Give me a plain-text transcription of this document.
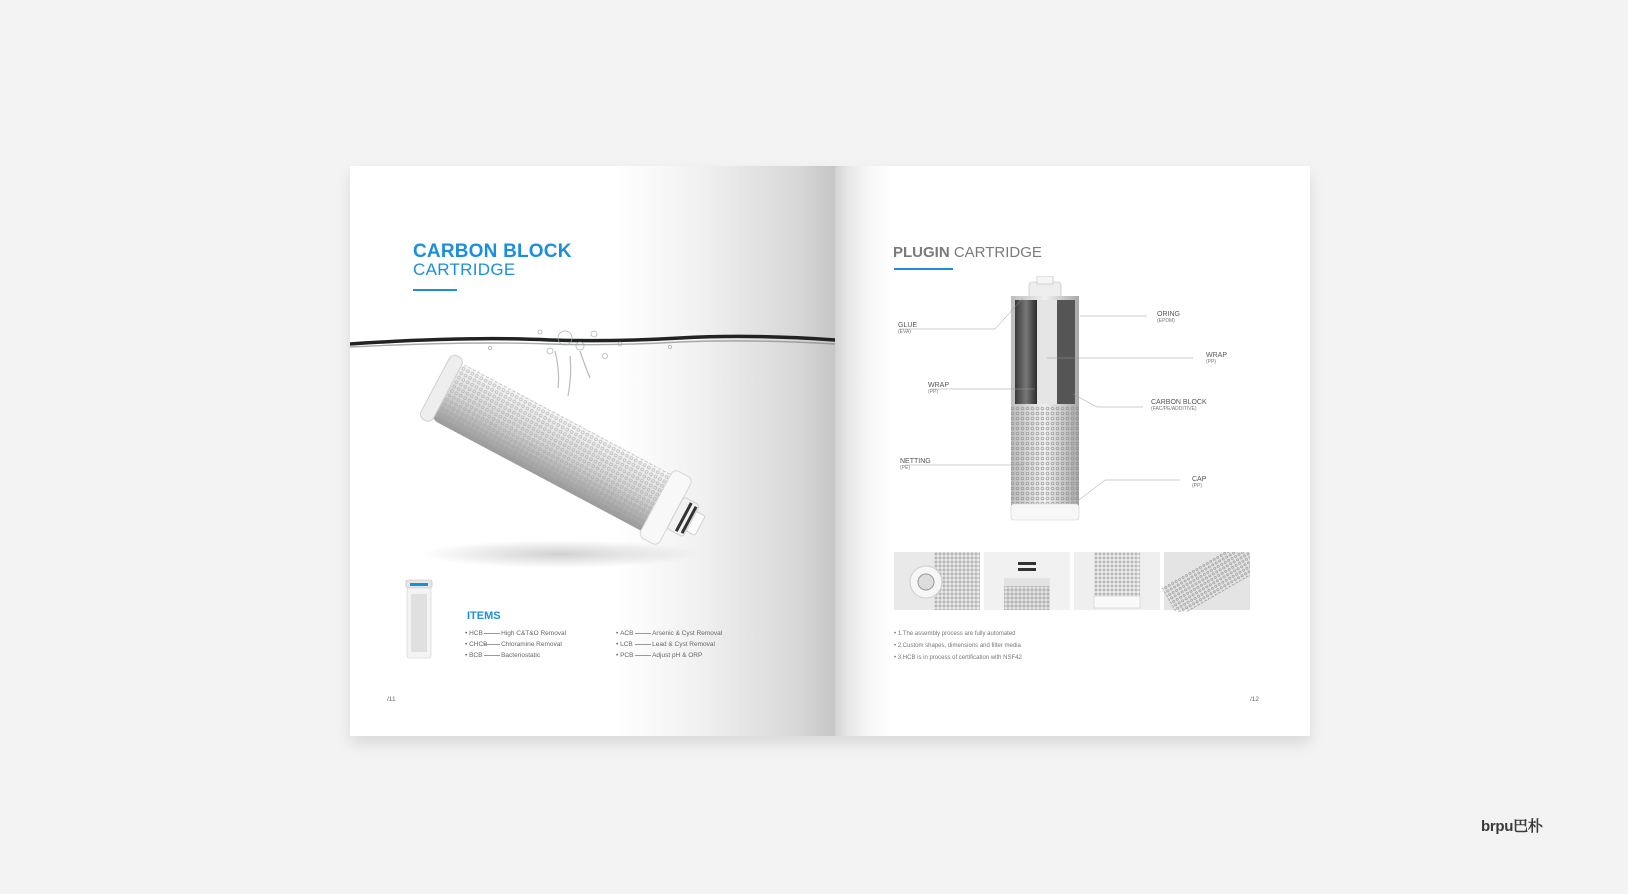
CARBON BLOCK
CARTRIDGE
ITEMS
• HCB	High C&T&O Removal
• CHCB Chloramine Removal
• BCB	Bacteriostatic
• ACB	Arsenic & Cyst Removal
• LCB	Lead & Cyst Removal
• PCB	Adjust pH & ORP
/11
PLUGIN CARTRIDGE
GLUE
(EVA)
WRAP
(PP)
NETTING
(PE)
ORING
(EPDM)
WRAP
(PP)
CARBON BLOCK
(FAC/PE/ADDITIVE)
CAP
(PP)
• 1.The assembly process are fully automated
• 2.Custom shapes, dimensions and filter media
• 3.HCB is in process of certification with NSF42
/12
brpu巴朴
